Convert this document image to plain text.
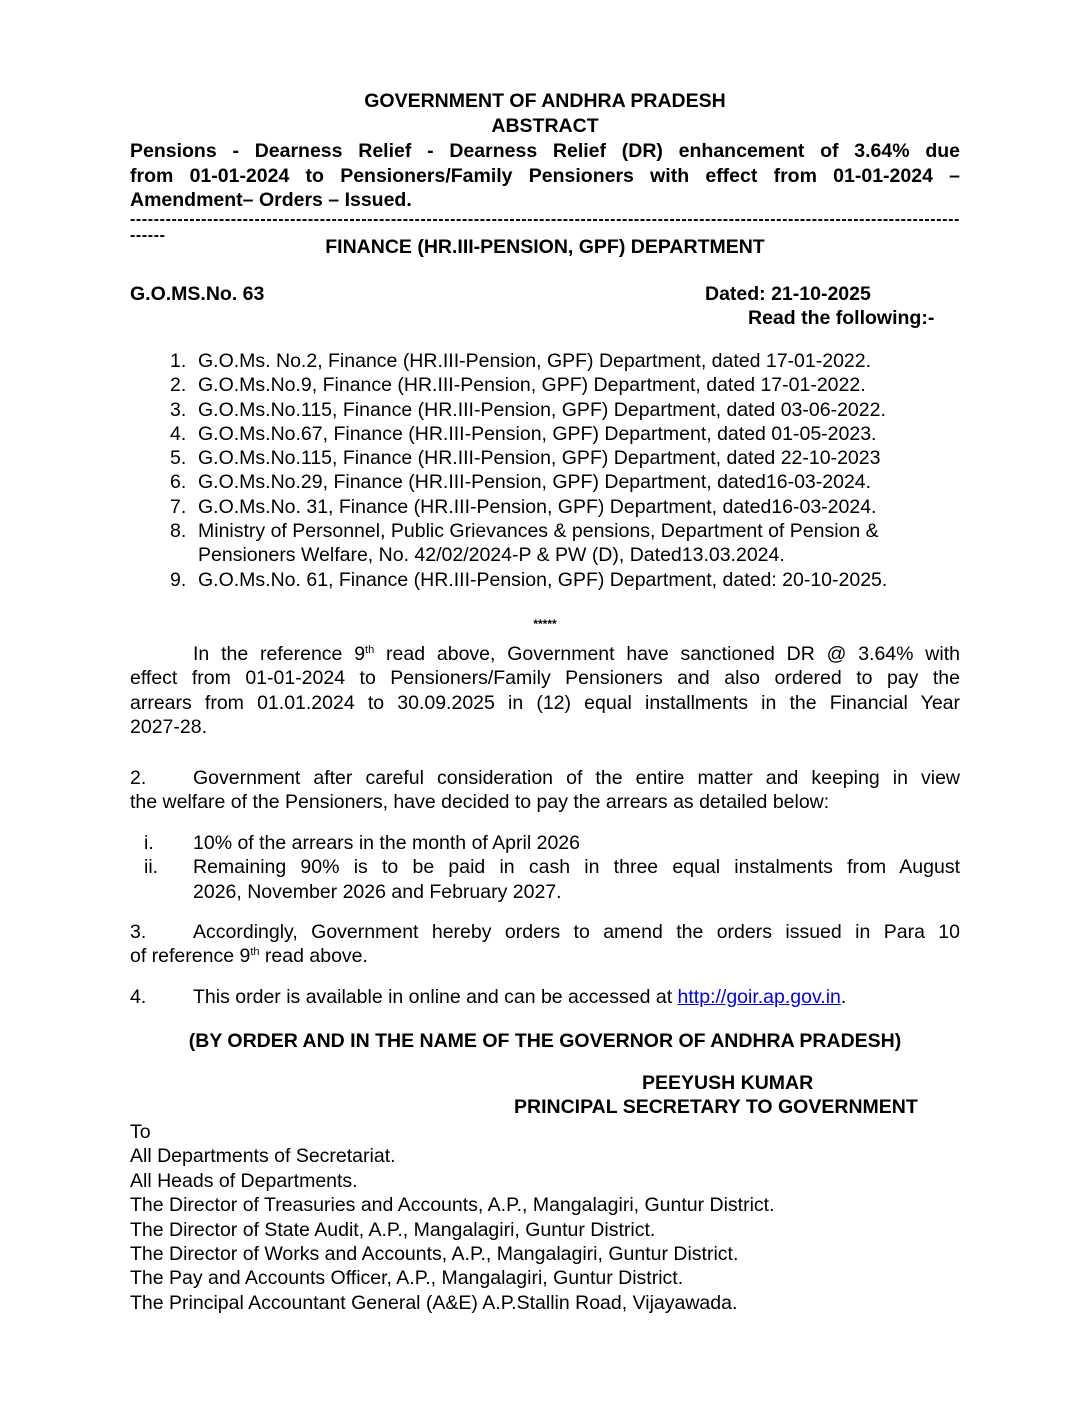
GOVERNMENT OF ANDHRA PRADESH
ABSTRACT
Pensions - Dearness Relief - Dearness Relief (DR) enhancement of 3.64% due
from 01-01-2024 to Pensioners/Family Pensioners with effect from 01-01-2024 –
Amendment– Orders – Issued.
--------------------------------------------------------------------------------------------------------------------------------------------------
FINANCE (HR.III-PENSION, GPF) DEPARTMENT
G.O.MS.No. 63	Dated: 21-10-2025
Read the following:-
1. G.O.Ms. No.2, Finance (HR.III-Pension, GPF) Department, dated 17-01-2022.
2. G.O.Ms.No.9, Finance (HR.III-Pension, GPF) Department, dated 17-01-2022.
3. G.O.Ms.No.115, Finance (HR.III-Pension, GPF) Department, dated 03-06-2022.
4. G.O.Ms.No.67, Finance (HR.III-Pension, GPF) Department, dated 01-05-2023.
5. G.O.Ms.No.115, Finance (HR.III-Pension, GPF) Department, dated 22-10-2023
6. G.O.Ms.No.29, Finance (HR.III-Pension, GPF) Department, dated16-03-2024.
7. G.O.Ms.No. 31, Finance (HR.III-Pension, GPF) Department, dated16-03-2024.
8. Ministry of Personnel, Public Grievances & pensions, Department of Pension &
Pensioners Welfare, No. 42/02/2024-P & PW (D), Dated13.03.2024.
9. G.O.Ms.No. 61, Finance (HR.III-Pension, GPF) Department, dated: 20-10-2025.
*****
In the reference 9th read above, Government have sanctioned DR @ 3.64% with
effect from 01-01-2024 to Pensioners/Family Pensioners and also ordered to pay the
arrears from 01.01.2024 to 30.09.2025 in (12) equal installments in the Financial Year
2027-28.
2. Government after careful consideration of the entire matter and keeping in view
the welfare of the Pensioners, have decided to pay the arrears as detailed below:
i.	10% of the arrears in the month of April 2026
ii.	Remaining 90% is to be paid in cash in three equal instalments from August
2026, November 2026 and February 2027.
3. Accordingly, Government hereby orders to amend the orders issued in Para 10
of reference 9th read above.
4. This order is available in online and can be accessed at http://goir.ap.gov.in.
(BY ORDER AND IN THE NAME OF THE GOVERNOR OF ANDHRA PRADESH)
PEEYUSH KUMAR
PRINCIPAL SECRETARY TO GOVERNMENT
To
All Departments of Secretariat.
All Heads of Departments.
The Director of Treasuries and Accounts, A.P., Mangalagiri, Guntur District.
The Director of State Audit, A.P., Mangalagiri, Guntur District.
The Director of Works and Accounts, A.P., Mangalagiri, Guntur District.
The Pay and Accounts Officer, A.P., Mangalagiri, Guntur District.
The Principal Accountant General (A&E) A.P.Stallin Road, Vijayawada.
